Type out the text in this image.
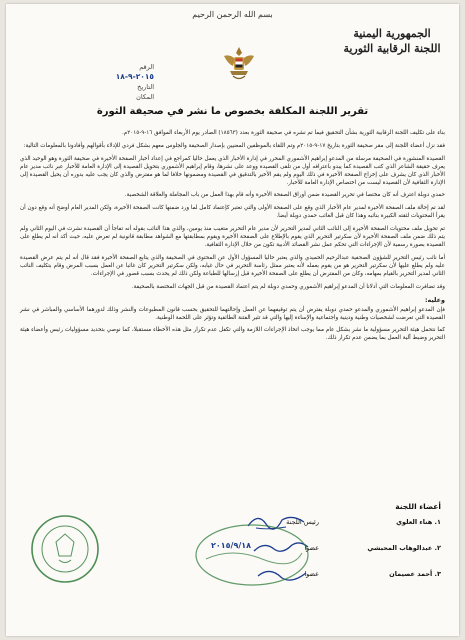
بسم الله الرحمن الرحيم
الجمهورية اليمنية
اللجنة الرقابية الثورية
الرقم
٢٠١٥-٩-١٨
التاريخ
المكان
تقرير اللجنة المكلفة بخصوص ما نشر في صحيفة الثورة

بناء على تكليف اللجنة الرقابية الثورية بشأن التحقيق فيما تم نشره في صحيفة الثورة بعدد (١٨٥٦٣) الصادر يوم الأربعاء الموافق ١٦-٩-٢٠١٥م.

فقد نزل أعضاء اللجنة إلى مقر صحيفة الثورة بتاريخ ١٧-٩-٢٠١٥م وتم اللقاء بالموظفين المعنيين بإصدار الصحيفة والجلوس معهم بشكل فردي للإدلاء بأقوالهم وأفادونا بالمعلومات التالية:

القصيدة المنشورة في الصحيفة مرسلة من المدعو إبراهيم الأشموري المحرر في إدارة الأخبار الذي يعمل حاليا كمراجع في إعداد أخبار الصفحة الأخيرة في صحيفة الثورة وهو الوحيد الذي يعرف حقيقة الشاعر الذي كتب القصيدة كما يبدو باعترافه أول من تلقى القصيدة ووعد على نشرها، وقام إبراهيم الأشموري بتحويل القصيدة إلى الإدارة العامة للأخبار عبر نائب مدير عام الأخبار الذي كان يشرف على إخراج الصفحة الأخيرة في ذلك اليوم ولم يقم الأخير بالتدقيق في القصيدة ومضمونها خلافا لما هو مفترض والذي كان يجب عليه بدوره أن يحيل القصيدة إلى الإدارة الثقافية لأن القصيدة ليست من اختصاص الإدارة العامة للأخبار.

حمدي دوبلة اعترف أنه كان مختصا في تحرير القصيدة ضمن أوراق الصفحة الأخيرة وأنه قام بهذا العمل من باب المجاملة والعلاقة الشخصية.

لقد تم إحالة ملف الصفحة الأخيرة لمدير عام الأخبار الذي وقع على الصفحة الأولى والتي تعتبر كإعتماد كامل لما ورد ضمنها كانت الصفحة الأخيرة، ولكن المدير العام أوضح أنه وقع دون أن يقرأ المحتويات لثقته الكبيرة بنائبه وهذا كان قبل الغائب حمدي دوبلة أيضا.

تم تحويل ملف محتويات الصفحة الأخيرة إلى النائب الثاني لمدير التحرير لأن مدير عام التحرير متغيب منذ يومين، والذي هذا النائب بقوله أنه تفاجأ أن القصيدة نشرت في اليوم الثاني ولم يتم ذلك ضمن ملف الصفحة الأخيرة لأن سكرتير التحرير الذي يقوم بالإطلاع على الصفحة الأخيرة ويقوم بمطابقتها مع الشواهد مطابقة قانونية لم تعرض عليه، حيث أكد أنه لم يطلع على القصيدة بصورة رسمية لأن الإجراءات التي تحكم عمل نشر القصائد الأدبية تكون من خلال الإدارة الثقافية.

أما نائب رئيس التحرير للشؤون الصحفية عبدالرحيم الحميدي والذي يعتبر حاليا المسؤول الأول عن المحتوى في الصحيفة والذي يتابع الصفحة الأخيرة فقد قال أنه لم يتم عرض القصيدة عليه ولم يطلع عليها لأن سكرتير التحرير هو من يقوم بعمله لأنه يعتبر ممثل رئاسة التحرير في حال غيابه، ولكن سكرتير التحرير كان غائبا عن العمل بسبب المرض وقام بتكليف النائب الثاني لمدير التحرير بالقيام بمهامه، وكان من المفترض أن يطلع على الصفحة الأخيرة قبل إرسالها للطباعة ولكن ذلك لم يحدث بسبب قصور في الإجراءات.

وقد تضافرت المعلومات التي أدلانا أن المدعو إبراهيم الأشموري وحمدي دوبلة لم يتم اعتماد القصيدة من قبل الجهات المختصة بالصحيفة.

وعليه:

فإن المدعو إبراهيم الأشموري والمدعو حمدي دوبلة يفترض أن يتم توقيفهما عن العمل وإحالتهما للتحقيق بحسب قانون المطبوعات والنشر وذلك لدورهما الأساسي والمباشر في نشر القصيدة التي تعرضت لشخصيات وطنية ودينية واجتماعية والإساءة إليها والتي قد تثير الفتنة الطائفية وتؤثر على اللحمة الوطنية.

كما نتحمل هيئة التحرير مسؤولية ما نشر بشكل عام مما يوجب اتخاذ الإجراءات اللازمة والتي تكفل عدم تكرار مثل هذه الأخطاء مستقبلا، كما نوصي بتحديد مسؤوليات رئيس وأعضاء هيئة التحرير وضبط آلية العمل بما يضمن عدم تكرار ذلك.

أعضاء اللجنة
١. هناء العلوي
رئيس اللجنة
٢. عبدالوهاب المحبشي
عضوا
٣. أحمد عصيمان
عضوا
٢٠١٥/٩/١٨
